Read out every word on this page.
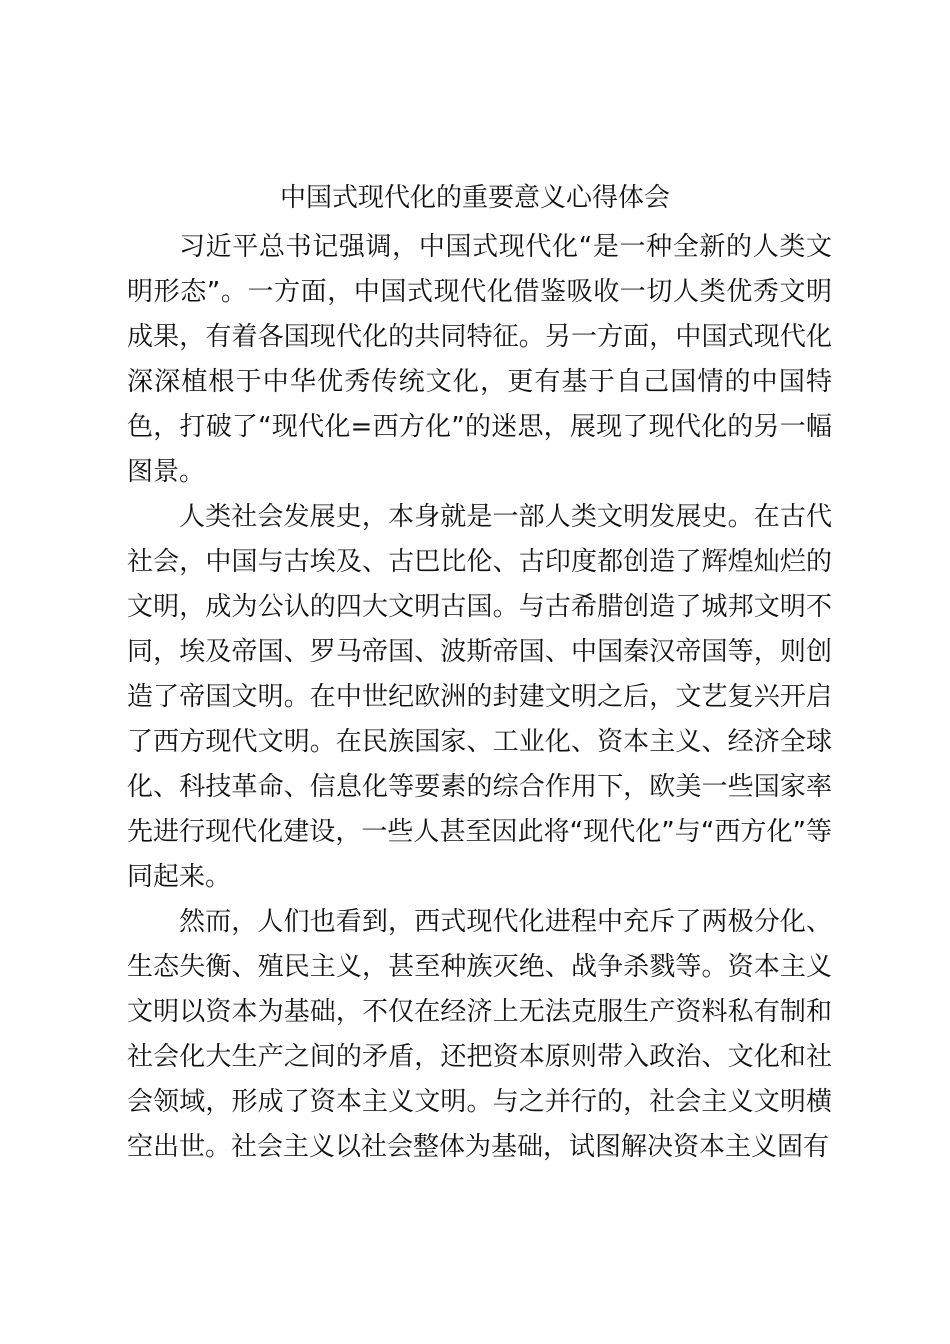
中国式现代化的重要意义心得体会

习近平总书记强调，中国式现代化“是一种全新的人类文明形态”。一方面，中国式现代化借鉴吸收一切人类优秀文明成果，有着各国现代化的共同特征。另一方面，中国式现代化深深植根于中华优秀传统文化，更有基于自己国情的中国特色，打破了“现代化=西方化”的迷思，展现了现代化的另一幅图景。

人类社会发展史，本身就是一部人类文明发展史。在古代社会，中国与古埃及、古巴比伦、古印度都创造了辉煌灿烂的文明，成为公认的四大文明古国。与古希腊创造了城邦文明不同，埃及帝国、罗马帝国、波斯帝国、中国秦汉帝国等，则创造了帝国文明。在中世纪欧洲的封建文明之后，文艺复兴开启了西方现代文明。在民族国家、工业化、资本主义、经济全球化、科技革命、信息化等要素的综合作用下，欧美一些国家率先进行现代化建设，一些人甚至因此将“现代化”与“西方化”等同起来。

然而，人们也看到，西式现代化进程中充斥了两极分化、生态失衡、殖民主义，甚至种族灭绝、战争杀戮等。资本主义文明以资本为基础，不仅在经济上无法克服生产资料私有制和社会化大生产之间的矛盾，还把资本原则带入政治、文化和社会领域，形成了资本主义文明。与之并行的，社会主义文明横空出世。社会主义以社会整体为基础，试图解决资本主义固有
